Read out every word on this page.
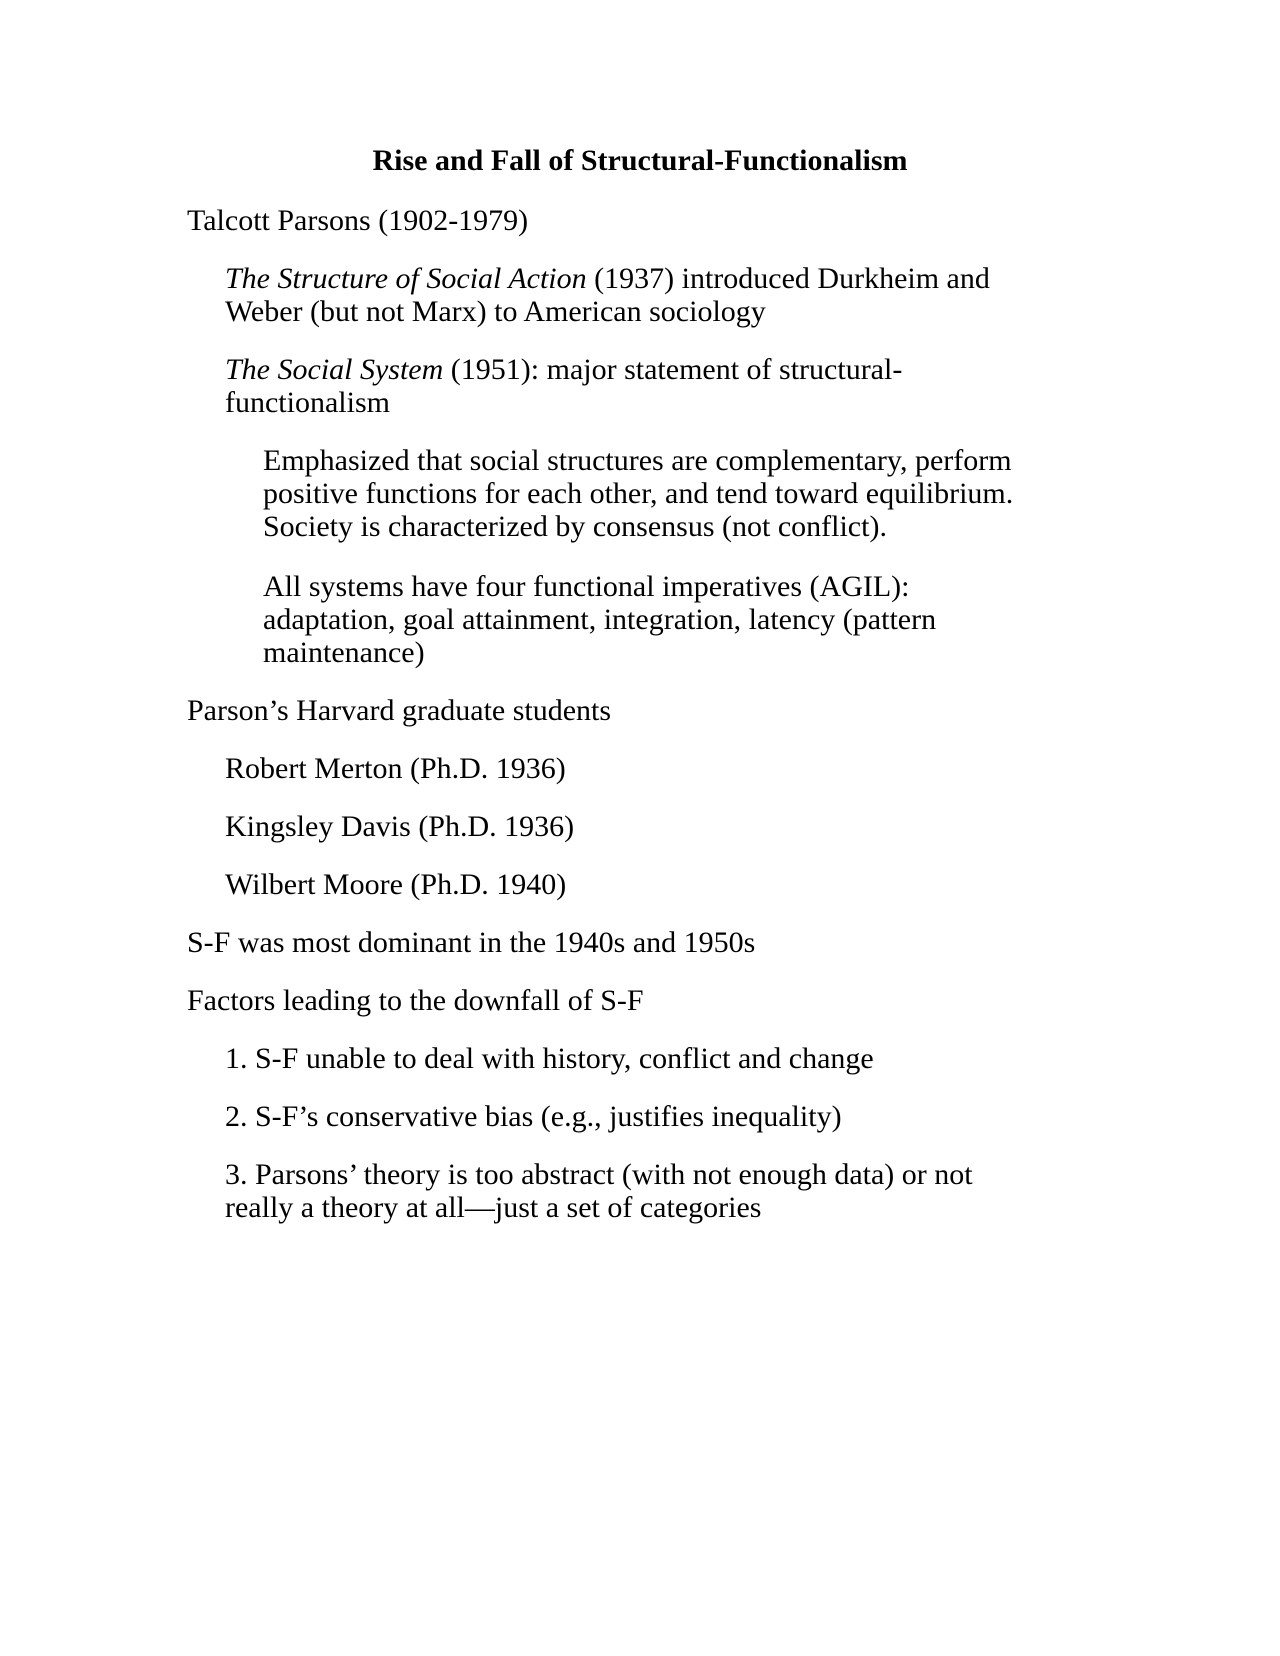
Rise and Fall of Structural-Functionalism

Talcott Parsons (1902-1979)

The Structure of Social Action (1937) introduced Durkheim and

Weber (but not Marx) to American sociology

The Social System (1951): major statement of structural-

functionalism

Emphasized that social structures are complementary, perform

positive functions for each other, and tend toward equilibrium.

Society is characterized by consensus (not conflict).

All systems have four functional imperatives (AGIL):

adaptation, goal attainment, integration, latency (pattern

maintenance)

Parson’s Harvard graduate students

Robert Merton (Ph.D. 1936)

Kingsley Davis (Ph.D. 1936)

Wilbert Moore (Ph.D. 1940)

S-F was most dominant in the 1940s and 1950s

Factors leading to the downfall of S-F

1. S-F unable to deal with history, conflict and change

2. S-F’s conservative bias (e.g., justifies inequality)

3. Parsons’ theory is too abstract (with not enough data) or not

really a theory at all—just a set of categories
